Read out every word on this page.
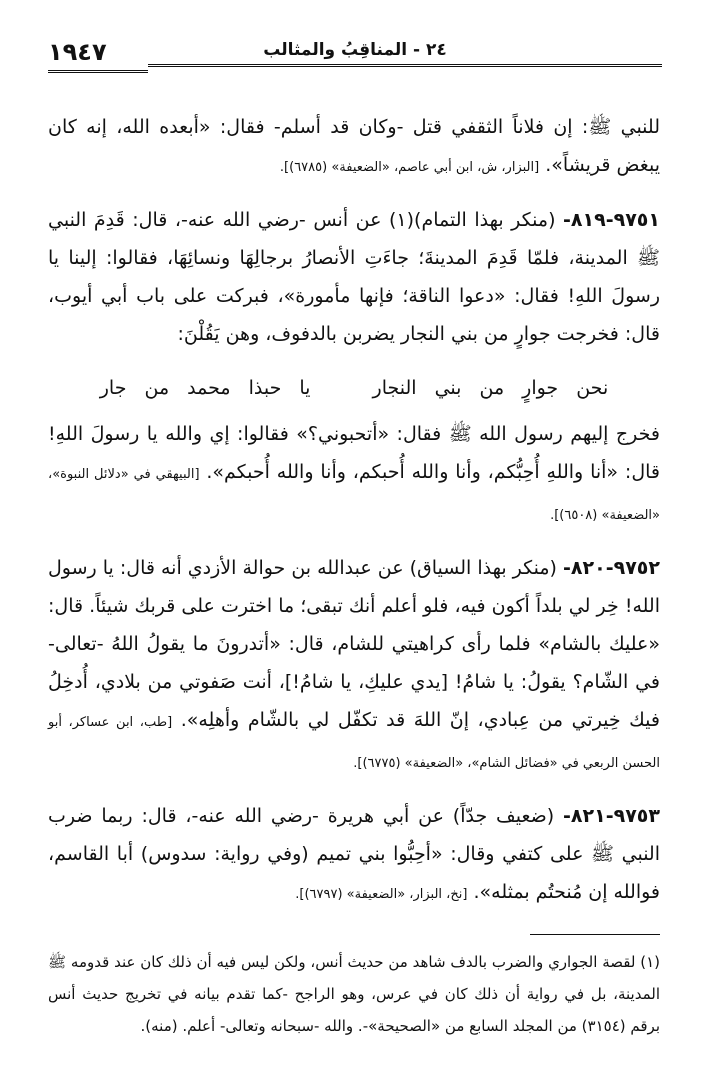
٢٤ - المناقِبُ والمثالب
١٩٤٧

للنبي ﷺ: إن فلاناً الثقفي قتل -وكان قد أسلم- فقال: «أبعده الله، إنه كان يبغض قريشاً». [البزار، ش، ابن أبي عاصم، «الضعيفة» (٦٧٨٥)].

٩٧٥١-٨١٩- (منكر بهذا التمام)(١) عن أنس -رضي الله عنه-، قال: قَدِمَ النبي ﷺ المدينة، فلمّا قَدِمَ المدينةَ؛ جاءَتِ الأنصارُ برجالِهَا ونسائِهَا، فقالوا: إلينا يا رسولَ اللهِ! فقال: «دعوا الناقة؛ فإنها مأمورة»، فبركت على باب أبي أيوب، قال: فخرجت جوارٍ من بني النجار يضربن بالدفوف، وهن يَقُلْنَ:

نحن جوارٍ من بني النجار يا حبذا محمد من جار

فخرج إليهم رسول الله ﷺ فقال: «أتحبوني؟» فقالوا: إي والله يا رسولَ اللهِ! قال: «أنا واللهِ أُحِبُّكم، وأنا والله أُحبكم، وأنا والله أُحبكم». [البيهقي في «دلائل النبوة»، «الضعيفة» (٦٥٠٨)].

٩٧٥٢-٨٢٠- (منكر بهذا السياق) عن عبدالله بن حوالة الأزدي أنه قال: يا رسول الله! خِر لي بلداً أكون فيه، فلو أعلم أنك تبقى؛ ما اخترت على قربك شيئاً. قال: «عليك بالشام» فلما رأى كراهيتي للشام، قال: «أتدرونَ ما يقولُ اللهُ -تعالى- في الشّام؟ يقولُ: يا شامُ! [يدي عليكِ، يا شامُ!]، أنت صَفوتي من بلادي، أُدخِلُ فيك خِيرتي من عِبادي، إنّ اللهَ قد تكفّل لي بالشّام وأهلِه». [طب، ابن عساكر، أبو الحسن الربعي في «فضائل الشام»، «الضعيفة» (٦٧٧٥)].

٩٧٥٣-٨٢١- (ضعيف جدّاً) عن أبي هريرة -رضي الله عنه-، قال: ربما ضرب النبي ﷺ على كتفي وقال: «أحِبُّوا بني تميم (وفي رواية: سدوس) أبا القاسم، فوالله إن مُنحتُم بمثله». [نخ، البزار، «الضعيفة» (٦٧٩٧)].

(١) لقصة الجواري والضرب بالدف شاهد من حديث أنس، ولكن ليس فيه أن ذلك كان عند قدومه ﷺ المدينة، بل في رواية أن ذلك كان في عرس، وهو الراجح -كما تقدم بيانه في تخريج حديث أنس برقم (٣١٥٤) من المجلد السابع من «الصحيحة»-. والله -سبحانه وتعالى- أعلم. (منه).
